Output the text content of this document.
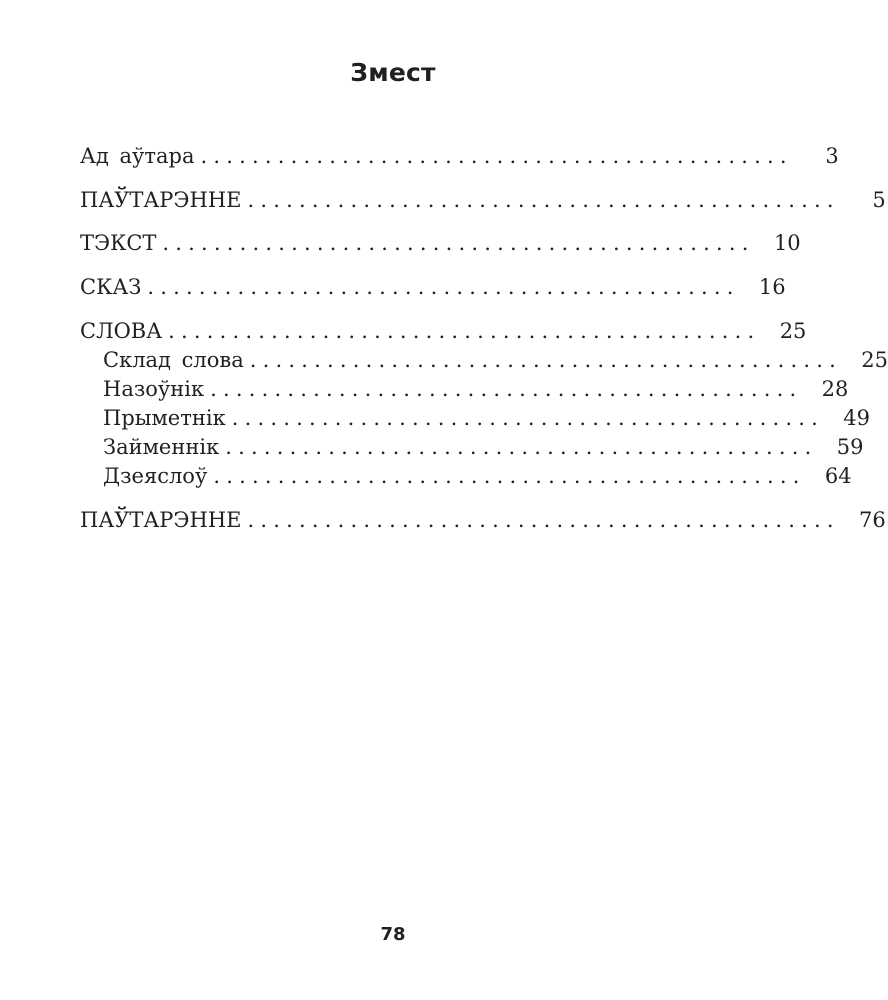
Змест
Ад аўтара ..............................................	3
ПАЎТАРЭННЕ ..............................................	5
ТЭКСТ .............................................. 10
СКАЗ .............................................. 16
СЛОВА .............................................. 25
Склад слова .............................................. 25
Назоўнік .............................................. 28
Прыметнік .............................................. 49
Займеннік .............................................. 59
Дзеяслоў .............................................. 64
ПАЎТАРЭННЕ .............................................. 76
78
